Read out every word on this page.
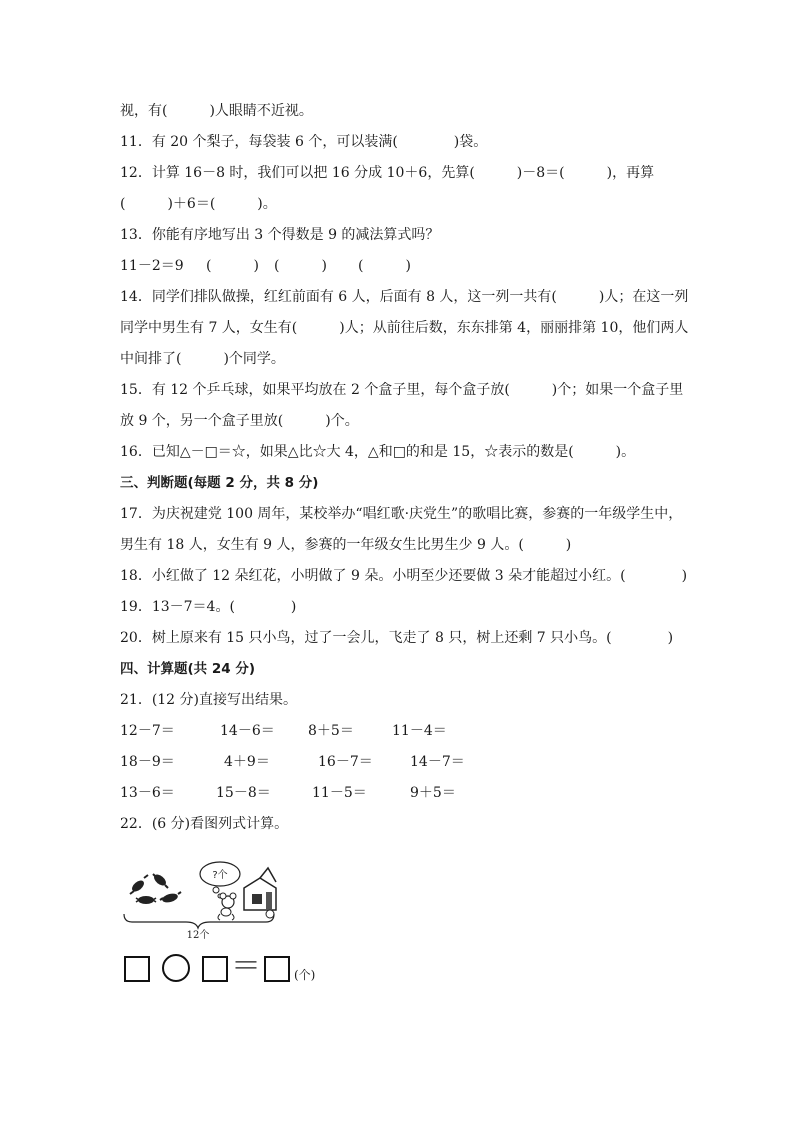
视，有(　　　)人眼睛不近视。
11．有 20 个梨子，每袋装 6 个，可以装满(　　　　)袋。
12．计算 16－8 时，我们可以把 16 分成 10＋6，先算(　　　)－8＝(　　　)，再算
(　　　)＋6＝(　　　)。
13．你能有序地写出 3 个得数是 9 的减法算式吗？
11－2＝9	(　　　)	(　　　)	(　　　)
14．同学们排队做操，红红前面有 6 人，后面有 8 人，这一列一共有(　　　)人；在这一列
同学中男生有 7 人，女生有(　　　)人；从前往后数，东东排第 4，丽丽排第 10，他们两人
中间排了(　　　)个同学。
15．有 12 个乒乓球，如果平均放在 2 个盒子里，每个盒子放(　　　)个；如果一个盒子里
放 9 个，另一个盒子里放(　　　)个。
16．已知△－□＝☆，如果△比☆大 4，△和□的和是 15，☆表示的数是(　　　)。
三、判断题(每题 2 分，共 8 分)
17．为庆祝建党 100 周年，某校举办“唱红歌·庆党生”的歌唱比赛，参赛的一年级学生中，
男生有 18 人，女生有 9 人，参赛的一年级女生比男生少 9 人。(　　　)
18．小红做了 12 朵红花，小明做了 9 朵。小明至少还要做 3 朵才能超过小红。(　　　　)
19．13－7＝4。(　　　　)
20．树上原来有 15 只小鸟，过了一会儿，飞走了 8 只，树上还剩 7 只小鸟。(　　　　)
四、计算题(共 24 分)
21．(12 分)直接写出结果。
12－7＝	14－6＝	8＋5＝	11－4＝
18－9＝	4＋9＝	16－7＝	14－7＝
13－6＝	15－8＝	11－5＝	9＋5＝
22．(6 分)看图列式计算。
?个
12个
＝	(个)
